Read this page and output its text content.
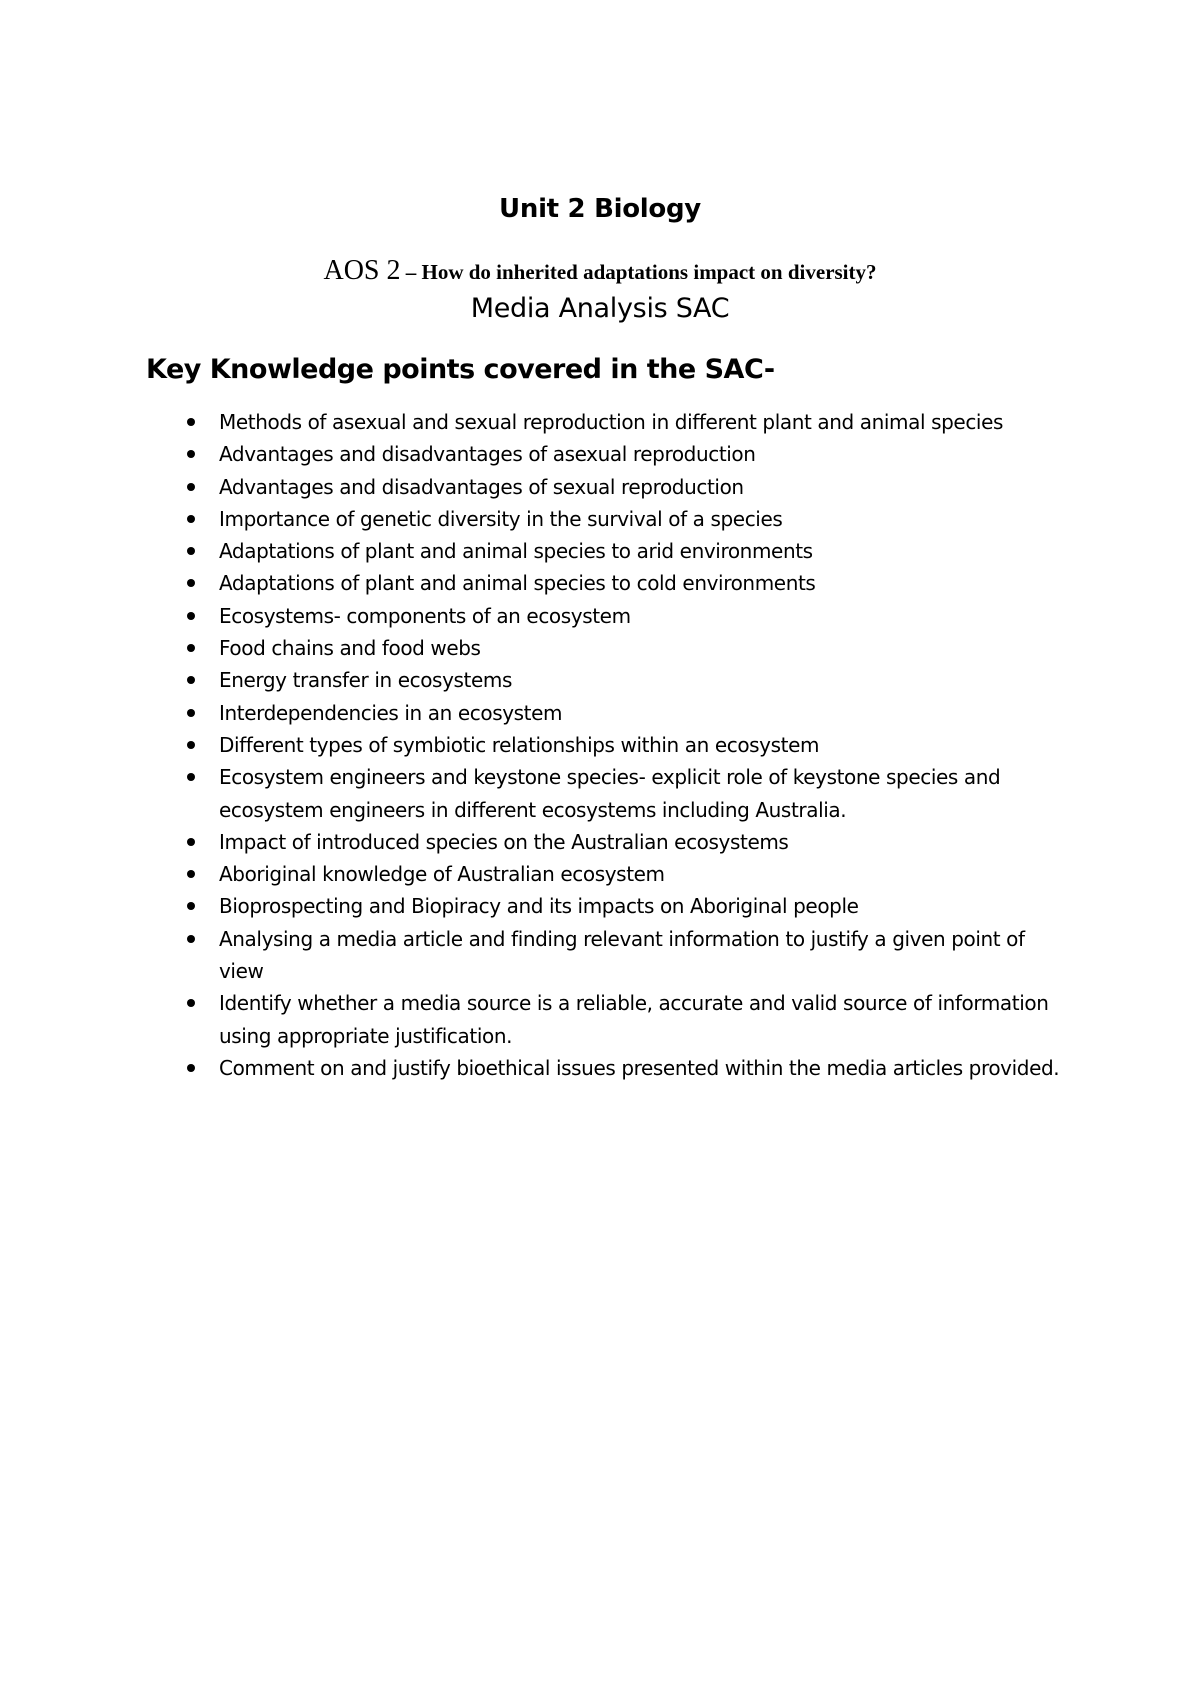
Unit 2 Biology
AOS 2 – How do inherited adaptations impact on diversity?
Media Analysis SAC
Key Knowledge points covered in the SAC-
Methods of asexual and sexual reproduction in different plant and animal species
Advantages and disadvantages of asexual reproduction
Advantages and disadvantages of sexual reproduction
Importance of genetic diversity in the survival of a species
Adaptations of plant and animal species to arid environments
Adaptations of plant and animal species to cold environments
Ecosystems- components of an ecosystem
Food chains and food webs
Energy transfer in ecosystems
Interdependencies in an ecosystem
Different types of symbiotic relationships within an ecosystem
Ecosystem engineers and keystone species- explicit role of keystone species and ecosystem engineers in different ecosystems including Australia.
Impact of introduced species on the Australian ecosystems
Aboriginal knowledge of Australian ecosystem
Bioprospecting and Biopiracy and its impacts on Aboriginal people
Analysing a media article and finding relevant information to justify a given point of view
Identify whether a media source is a reliable, accurate and valid source of information using appropriate justification.
Comment on and justify bioethical issues presented within the media articles provided.
